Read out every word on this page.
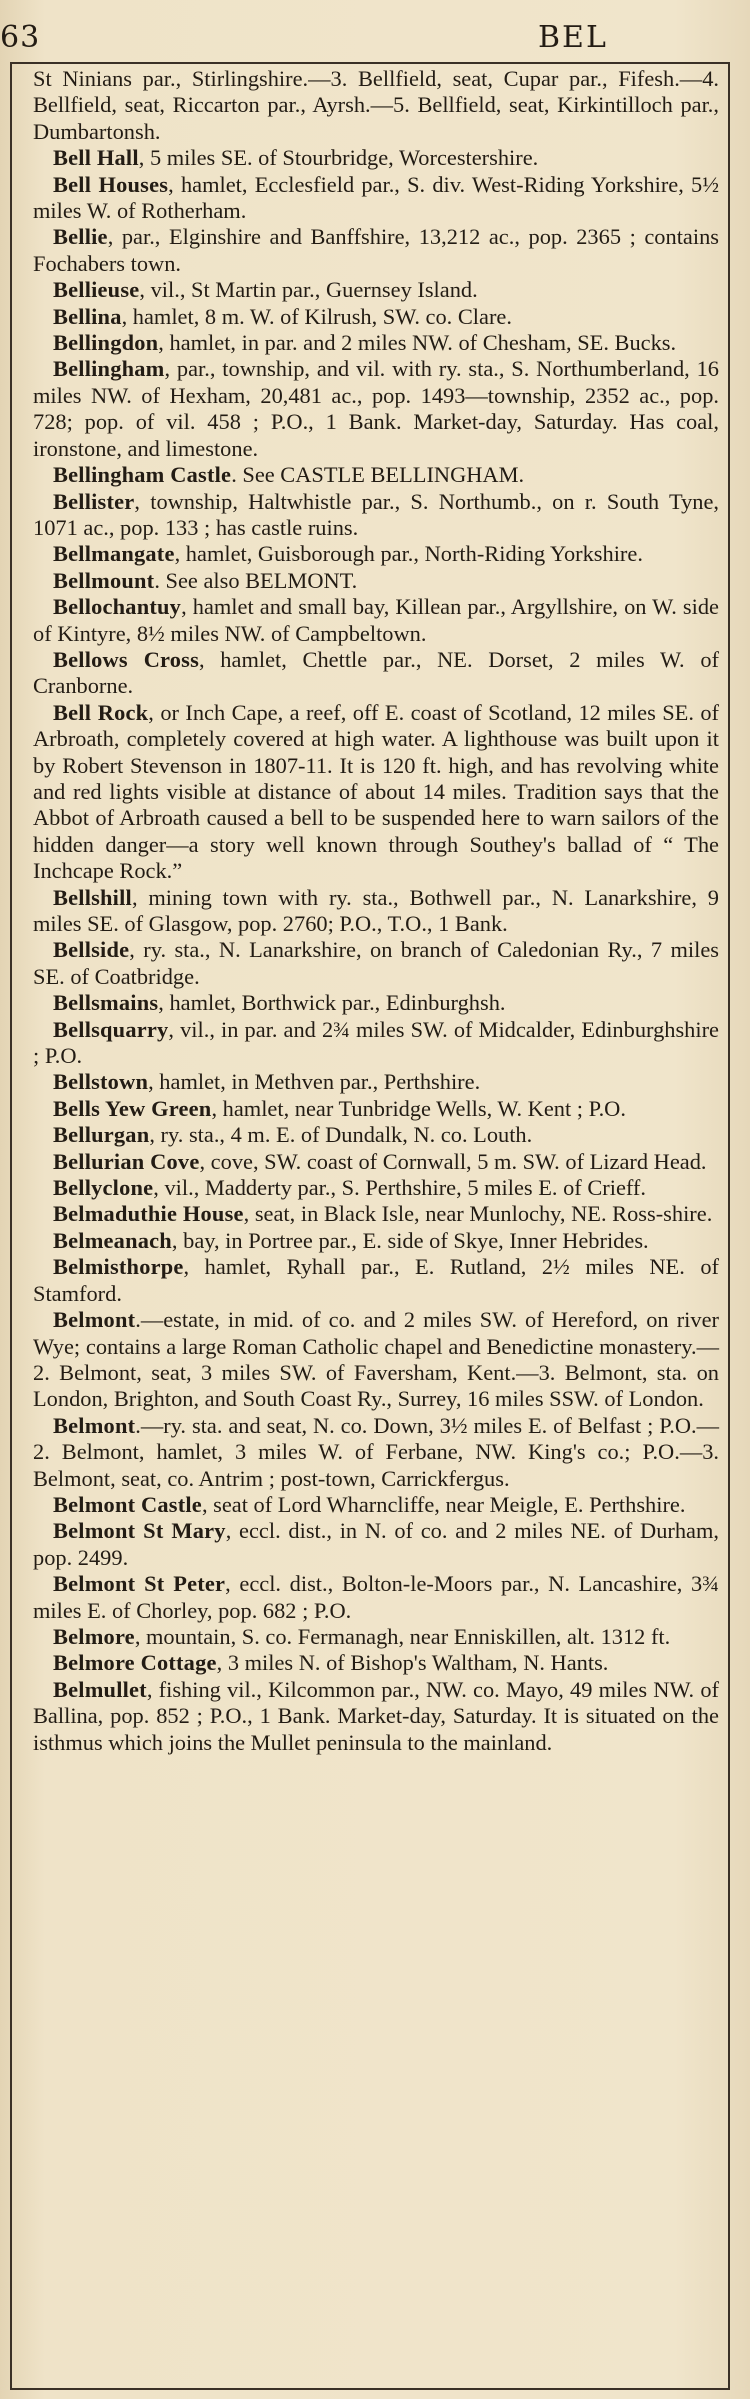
63	BEL

St Ninians par., Stirlingshire.—3. Bellfield, seat, Cupar par., Fifesh.—4. Bellfield, seat, Riccarton par., Ayrsh.—5. Bellfield, seat, Kirkintilloch par., Dumbartonsh.

Bell Hall, 5 miles SE. of Stourbridge, Worcestershire.

Bell Houses, hamlet, Ecclesfield par., S. div. West-Riding Yorkshire, 5½ miles W. of Rotherham.

Bellie, par., Elginshire and Banffshire, 13,212 ac., pop. 2365 ; contains Fochabers town.

Bellieuse, vil., St Martin par., Guernsey Island.

Bellina, hamlet, 8 m. W. of Kilrush, SW. co. Clare.

Bellingdon, hamlet, in par. and 2 miles NW. of Chesham, SE. Bucks.

Bellingham, par., township, and vil. with ry. sta., S. Northumberland, 16 miles NW. of Hexham, 20,481 ac., pop. 1493—township, 2352 ac., pop. 728; pop. of vil. 458 ; P.O., 1 Bank. Market-day, Saturday. Has coal, ironstone, and limestone.

Bellingham Castle. See CASTLE BELLINGHAM.

Bellister, township, Haltwhistle par., S. Northumb., on r. South Tyne, 1071 ac., pop. 133 ; has castle ruins.

Bellmangate, hamlet, Guisborough par., North-Riding Yorkshire.

Bellmount. See also BELMONT.

Bellochantuy, hamlet and small bay, Killean par., Argyllshire, on W. side of Kintyre, 8½ miles NW. of Campbeltown.

Bellows Cross, hamlet, Chettle par., NE. Dorset, 2 miles W. of Cranborne.

Bell Rock, or Inch Cape, a reef, off E. coast of Scotland, 12 miles SE. of Arbroath, completely covered at high water. A lighthouse was built upon it by Robert Stevenson in 1807-11. It is 120 ft. high, and has revolving white and red lights visible at distance of about 14 miles. Tradition says that the Abbot of Arbroath caused a bell to be suspended here to warn sailors of the hidden danger—a story well known through Southey's ballad of “ The Inchcape Rock.”

Bellshill, mining town with ry. sta., Bothwell par., N. Lanarkshire, 9 miles SE. of Glasgow, pop. 2760; P.O., T.O., 1 Bank.

Bellside, ry. sta., N. Lanarkshire, on branch of Caledonian Ry., 7 miles SE. of Coatbridge.

Bellsmains, hamlet, Borthwick par., Edinburghsh.

Bellsquarry, vil., in par. and 2¾ miles SW. of Midcalder, Edinburghshire ; P.O.

Bellstown, hamlet, in Methven par., Perthshire.

Bells Yew Green, hamlet, near Tunbridge Wells, W. Kent ; P.O.

Bellurgan, ry. sta., 4 m. E. of Dundalk, N. co. Louth.

Bellurian Cove, cove, SW. coast of Cornwall, 5 m. SW. of Lizard Head.

Bellyclone, vil., Madderty par., S. Perthshire, 5 miles E. of Crieff.

Belmaduthie House, seat, in Black Isle, near Munlochy, NE. Ross-shire.

Belmeanach, bay, in Portree par., E. side of Skye, Inner Hebrides.

Belmisthorpe, hamlet, Ryhall par., E. Rutland, 2½ miles NE. of Stamford.

Belmont.—estate, in mid. of co. and 2 miles SW. of Hereford, on river Wye; contains a large Roman Catholic chapel and Benedictine monastery.—2. Belmont, seat, 3 miles SW. of Faversham, Kent.—3. Belmont, sta. on London, Brighton, and South Coast Ry., Surrey, 16 miles SSW. of London.

Belmont.—ry. sta. and seat, N. co. Down, 3½ miles E. of Belfast ; P.O.—2. Belmont, hamlet, 3 miles W. of Ferbane, NW. King's co.; P.O.—3. Belmont, seat, co. Antrim ; post-town, Carrickfergus.

Belmont Castle, seat of Lord Wharncliffe, near Meigle, E. Perthshire.

Belmont St Mary, eccl. dist., in N. of co. and 2 miles NE. of Durham, pop. 2499.

Belmont St Peter, eccl. dist., Bolton-le-Moors par., N. Lancashire, 3¾ miles E. of Chorley, pop. 682 ; P.O.

Belmore, mountain, S. co. Fermanagh, near Enniskillen, alt. 1312 ft.

Belmore Cottage, 3 miles N. of Bishop's Waltham, N. Hants.

Belmullet, fishing vil., Kilcommon par., NW. co. Mayo, 49 miles NW. of Ballina, pop. 852 ; P.O., 1 Bank. Market-day, Saturday. It is situated on the isthmus which joins the Mullet peninsula to the mainland.
